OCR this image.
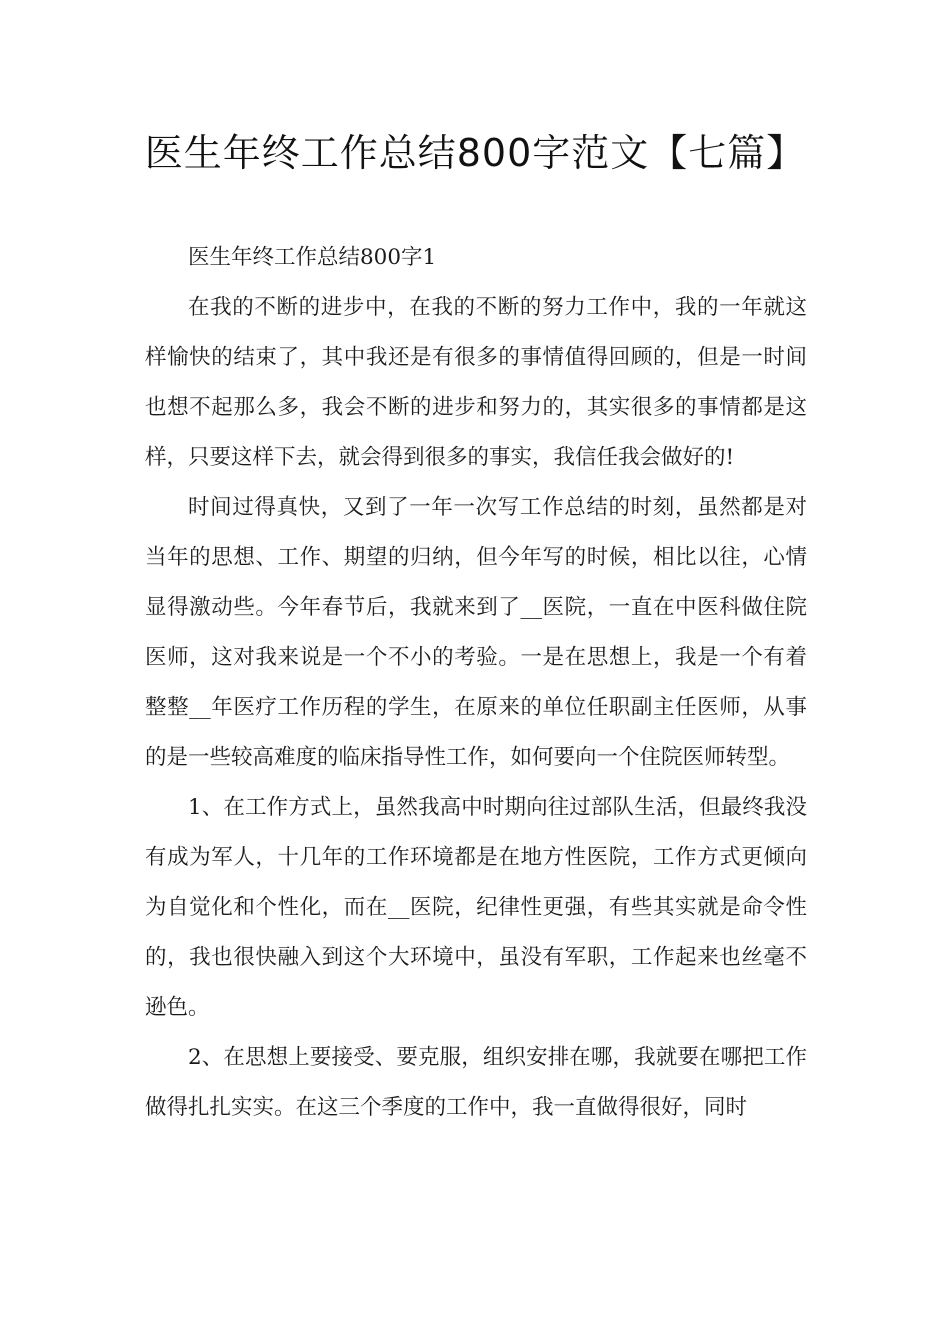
医生年终工作总结800字范文【七篇】

医生年终工作总结800字1

在我的不断的进步中，在我的不断的努力工作中，我的一年就这样愉快的结束了，其中我还是有很多的事情值得回顾的，但是一时间也想不起那么多，我会不断的进步和努力的，其实很多的事情都是这样，只要这样下去，就会得到很多的事实，我信任我会做好的!

时间过得真快，又到了一年一次写工作总结的时刻，虽然都是对当年的思想、工作、期望的归纳，但今年写的时候，相比以往，心情显得激动些。今年春节后，我就来到了__医院，一直在中医科做住院医师，这对我来说是一个不小的考验。一是在思想上，我是一个有着整整__年医疗工作历程的学生，在原来的单位任职副主任医师，从事的是一些较高难度的临床指导性工作，如何要向一个住院医师转型。

1、在工作方式上，虽然我高中时期向往过部队生活，但最终我没有成为军人，十几年的工作环境都是在地方性医院，工作方式更倾向为自觉化和个性化，而在__医院，纪律性更强，有些其实就是命令性的，我也很快融入到这个大环境中，虽没有军职，工作起来也丝毫不逊色。

2、在思想上要接受、要克服，组织安排在哪，我就要在哪把工作做得扎扎实实。在这三个季度的工作中，我一直做得很好，同时
